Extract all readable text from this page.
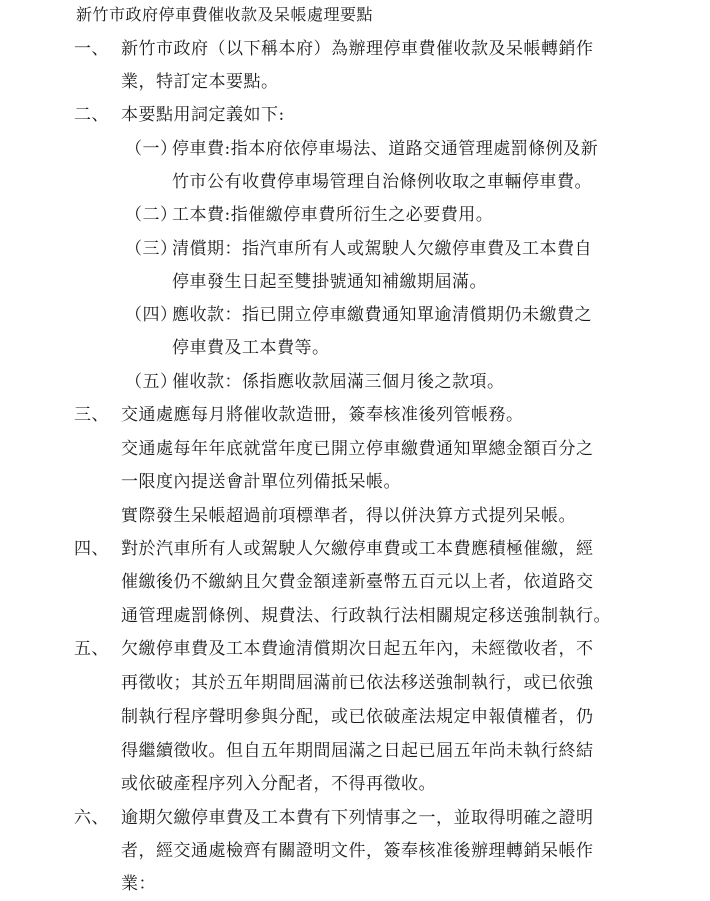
新竹市政府停車費催收款及呆帳處理要點
一、 新竹市政府（以下稱本府）為辦理停車費催收款及呆帳轉銷作
業，特訂定本要點。
二、 本要點用詞定義如下:
（一）
停車費:指本府依停車場法、道路交通管理處罰條例及新
竹市公有收費停車場管理自治條例收取之車輛停車費。
（二）
工本費:指催繳停車費所衍生之必要費用。
（三）
清償期：指汽車所有人或駕駛人欠繳停車費及工本費自
停車發生日起至雙掛號通知補繳期屆滿。
（四）
應收款：指已開立停車繳費通知單逾清償期仍未繳費之
停車費及工本費等。
（五）
催收款：係指應收款屆滿三個月後之款項。
三、 交通處應每月將催收款造冊，簽奉核准後列管帳務。
交通處每年年底就當年度已開立停車繳費通知單總金額百分之
一限度內提送會計單位列備抵呆帳。
實際發生呆帳超過前項標準者，得以併決算方式提列呆帳。
四、 對於汽車所有人或駕駛人欠繳停車費或工本費應積極催繳，經
催繳後仍不繳納且欠費金額達新臺幣五百元以上者，依道路交
通管理處罰條例、規費法、行政執行法相關規定移送強制執行。
五、 欠繳停車費及工本費逾清償期次日起五年內，未經徵收者，不
再徵收；其於五年期間屆滿前已依法移送強制執行，或已依強
制執行程序聲明參與分配，或已依破產法規定申報債權者，仍
得繼續徵收。但自五年期間屆滿之日起已屆五年尚未執行終結
或依破產程序列入分配者，不得再徵收。
六、 逾期欠繳停車費及工本費有下列情事之一，並取得明確之證明
者，經交通處檢齊有關證明文件，簽奉核准後辦理轉銷呆帳作
業：
